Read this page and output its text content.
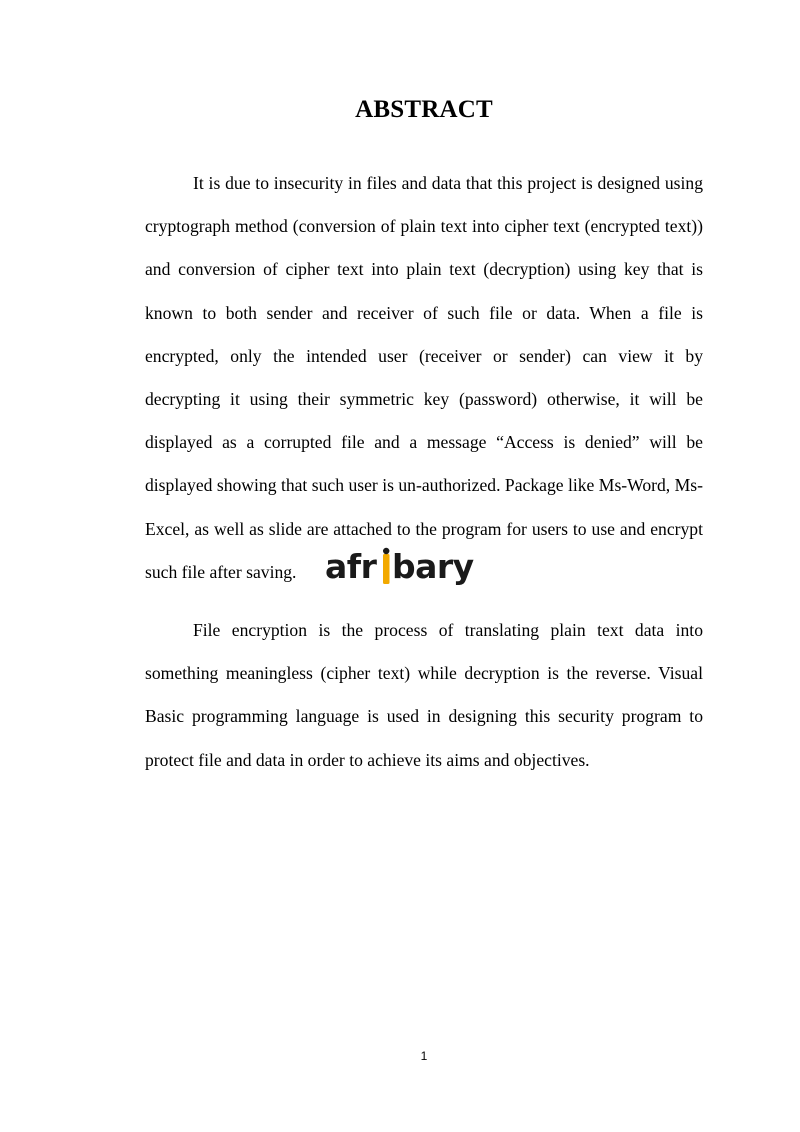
ABSTRACT

It is due to insecurity in files and data that this project is designed using cryptograph method (conversion of plain text into cipher text (encrypted text)) and conversion of cipher text into plain text (decryption) using key that is known to both sender and receiver of such file or data. When a file is encrypted, only the intended user (receiver or sender) can view it by decrypting it using their symmetric key (password) otherwise, it will be displayed as a corrupted file and a message “Access is denied” will be displayed showing that such user is un-authorized. Package like Ms-Word, Ms- Excel, as well as slide are attached to the program for users to use and encrypt such file after saving.

File encryption is the process of translating plain text data into something meaningless (cipher text) while decryption is the reverse. Visual Basic programming language is used in designing this security program to protect file and data in order to achieve its aims and objectives.

afr bary

1
